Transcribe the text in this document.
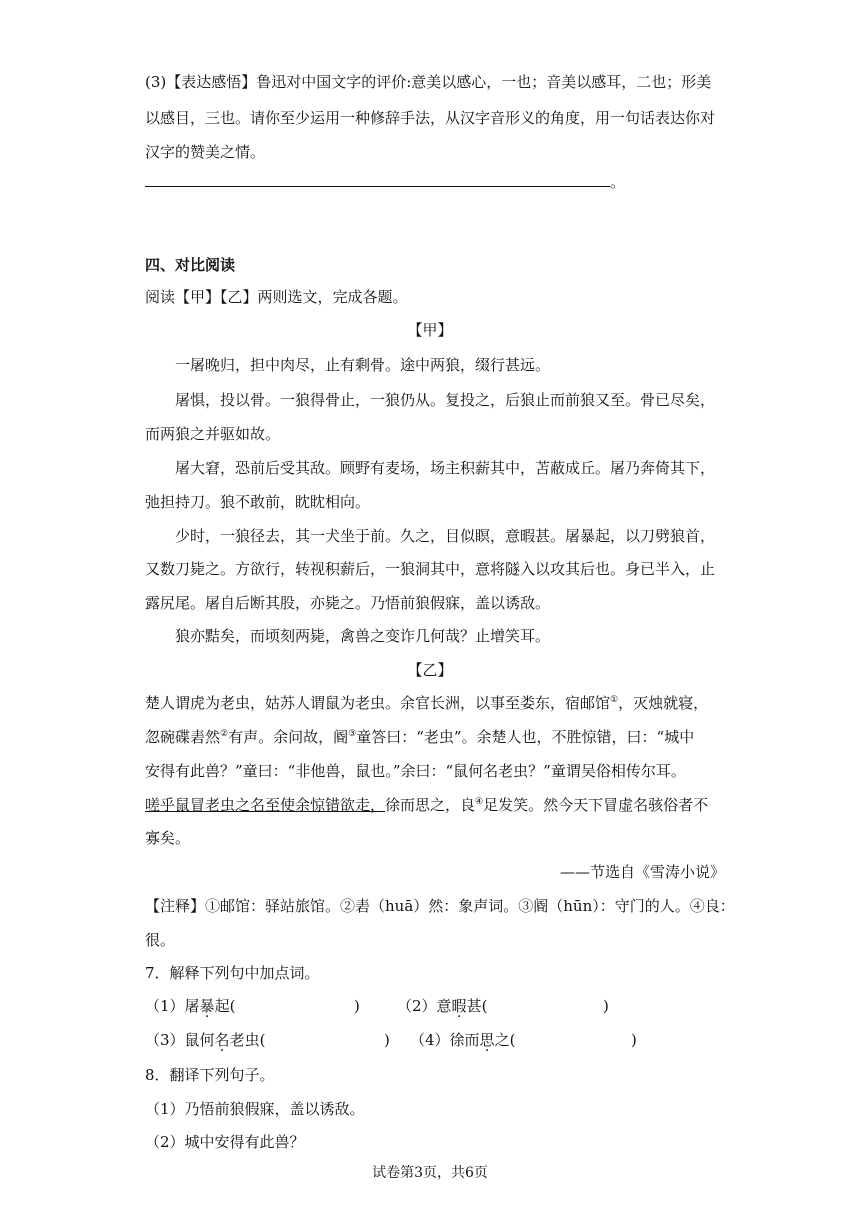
(3)【表达感悟】鲁迅对中国文字的评价:意美以感心，一也；音美以感耳，二也；形美
以感目，三也。请你至少运用一种修辞手法，从汉字音形义的角度，用一句话表达你对
汉字的赞美之情。
。
四、对比阅读
阅读【甲】【乙】两则选文，完成各题。
【甲】
一屠晚归，担中肉尽，止有剩骨。途中两狼，缀行甚远。
屠惧，投以骨。一狼得骨止，一狼仍从。复投之，后狼止而前狼又至。骨已尽矣，
而两狼之并驱如故。
屠大窘，恐前后受其敌。顾野有麦场，场主积薪其中，苫蔽成丘。屠乃奔倚其下，
弛担持刀。狼不敢前，眈眈相向。
少时，一狼径去，其一犬坐于前。久之，目似瞑，意暇甚。屠暴起，以刀劈狼首，
又数刀毙之。方欲行，转视积薪后，一狼洞其中，意将隧入以攻其后也。身已半入，止
露尻尾。屠自后断其股，亦毙之。乃悟前狼假寐，盖以诱敌。
狼亦黠矣，而顷刻两毙，禽兽之变诈几何哉？止增笑耳。
【乙】
楚人谓虎为老虫，姑苏人谓鼠为老虫。余官长洲，以事至娄东，宿邮馆①，灭烛就寝，
忽碗碟砉然②有声。余问故，阍③童答曰：“老虫”。余楚人也，不胜惊错，曰：“城中
安得有此兽？”童曰：“非他兽，鼠也。”余曰：“鼠何名老虫？”童谓吴俗相传尔耳。
嗟乎鼠冒老虫之名至使余惊错欲走，徐而思之，良④足发笑。然今天下冒虚名骇俗者不
寡矣。
——节选自《雪涛小说》
【注释】①邮馆：驿站旅馆。②砉（huā）然：象声词。③阍（hūn）：守门的人。④良：
很。
7．解释下列句中加点词。
（1）屠暴起(	) （2）意暇甚(	)
（3）鼠何名老虫(	) （4）徐而思之(	)
8．翻译下列句子。
（1）乃悟前狼假寐，盖以诱敌。
（2）城中安得有此兽？
试卷第3页，共6页
